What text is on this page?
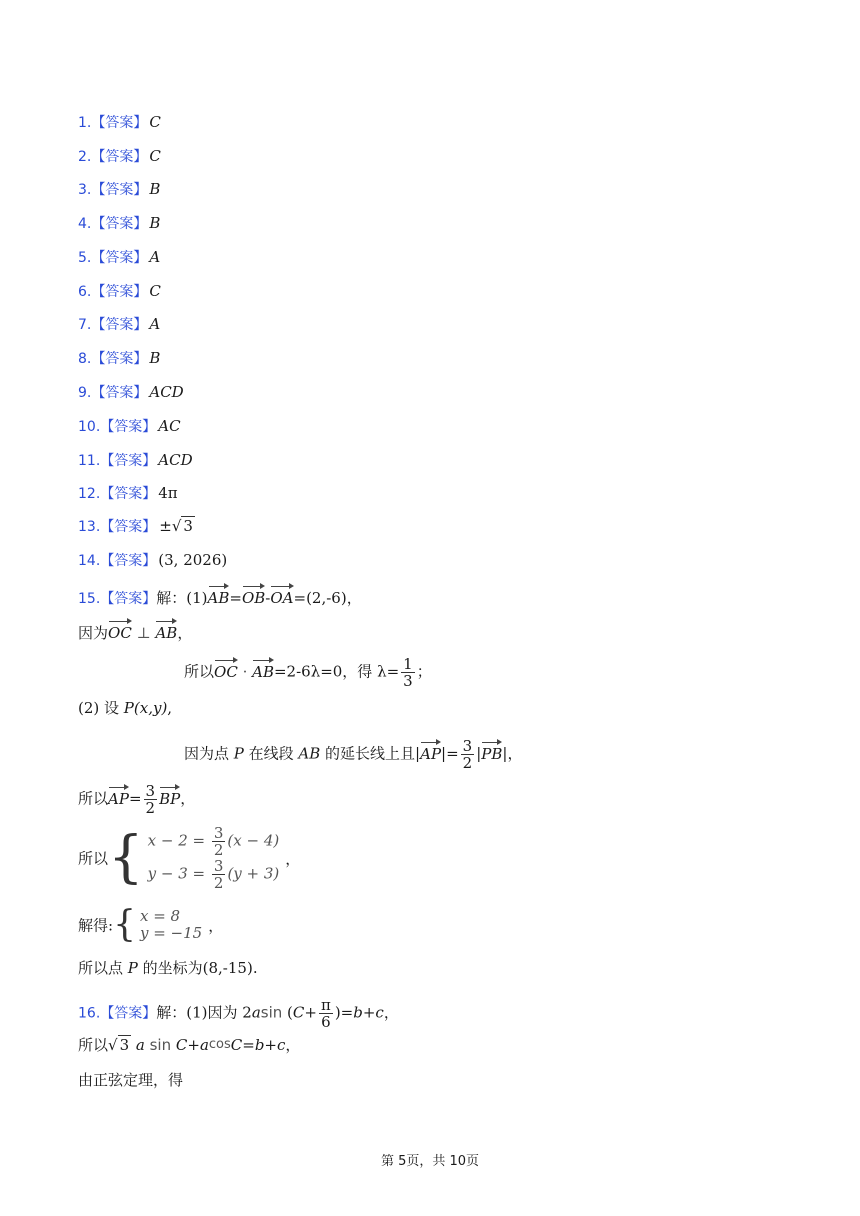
1.【答案】 C
2.【答案】 C
3.【答案】 B
4.【答案】 B
5.【答案】 A
6.【答案】 C
7.【答案】 A
8.【答案】 B
9.【答案】 ACD
10.【答案】 AC
11.【答案】 ACD
12.【答案】 4π
13.【答案】 ±√ 3
14.【答案】 (3, 2026)
15.【答案】解：(1)AB=OB-OA=(2,-6)，
因为OC ⊥ AB，
所以OC · AB=2-6λ=0，得 $\lambda= \frac{1}{3}$ ；
(2) 设 P(x,y),
因为点 P 在线段 AB 的延长线上且$|AP|= \frac{3}{2} |PB|$，
所以$AP= \frac{3}{2}$ BP，
所以{ $x - 2 = \frac{3}{2} (x - 4)$
$y - 3 = \frac{3}{2} (y + 3)$
，
解得:{ x = 8
y = −15 ，
所以点 P 的坐标为(8,-15).
16.【答案】解：(1)因为 2asin $(C+ \frac{\pi}{6} )=b+c$，
所以√ 3 a sin C+acosC=b+c，
由正弦定理，得
第 5页，共 10页
